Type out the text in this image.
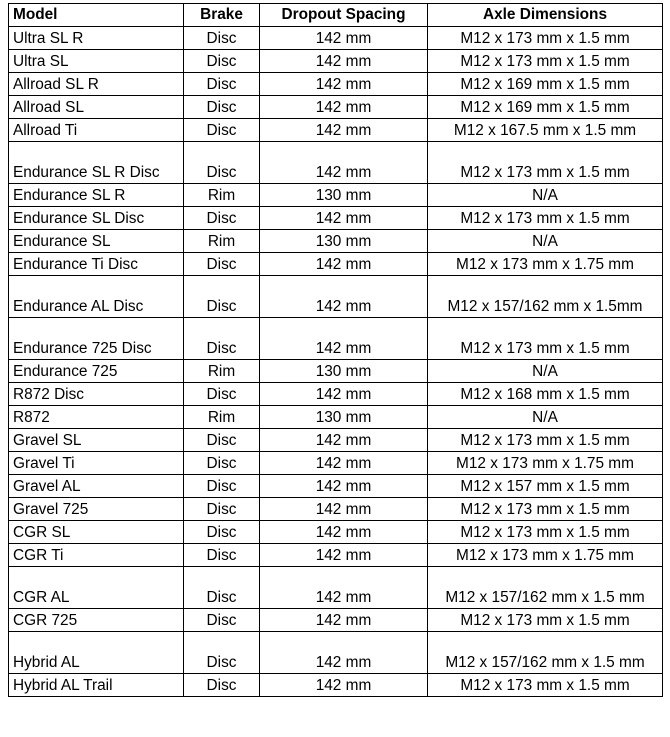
Model	Brake	Dropout Spacing	Axle Dimensions
Ultra SL R	Disc	142 mm	M12 x 173 mm x 1.5 mm
Ultra SL	Disc	142 mm	M12 x 173 mm x 1.5 mm
Allroad SL R	Disc	142 mm	M12 x 169 mm x 1.5 mm
Allroad SL	Disc	142 mm	M12 x 169 mm x 1.5 mm
Allroad Ti	Disc	142 mm	M12 x 167.5 mm x 1.5 mm
Endurance SL R Disc	Disc	142 mm	M12 x 173 mm x 1.5 mm
Endurance SL R	Rim	130 mm	N/A
Endurance SL Disc	Disc	142 mm	M12 x 173 mm x 1.5 mm
Endurance SL	Rim	130 mm	N/A
Endurance Ti Disc	Disc	142 mm	M12 x 173 mm x 1.75 mm
Endurance AL Disc	Disc	142 mm	M12 x 157/162 mm x 1.5mm
Endurance 725 Disc	Disc	142 mm	M12 x 173 mm x 1.5 mm
Endurance 725	Rim	130 mm	N/A
R872 Disc	Disc	142 mm	M12 x 168 mm x 1.5 mm
R872	Rim	130 mm	N/A
Gravel SL	Disc	142 mm	M12 x 173 mm x 1.5 mm
Gravel Ti	Disc	142 mm	M12 x 173 mm x 1.75 mm
Gravel AL	Disc	142 mm	M12 x 157 mm x 1.5 mm
Gravel 725	Disc	142 mm	M12 x 173 mm x 1.5 mm
CGR SL	Disc	142 mm	M12 x 173 mm x 1.5 mm
CGR Ti	Disc	142 mm	M12 x 173 mm x 1.75 mm
CGR AL	Disc	142 mm	M12 x 157/162 mm x 1.5 mm
CGR 725	Disc	142 mm	M12 x 173 mm x 1.5 mm
Hybrid AL	Disc	142 mm	M12 x 157/162 mm x 1.5 mm
Hybrid AL Trail	Disc	142 mm	M12 x 173 mm x 1.5 mm
